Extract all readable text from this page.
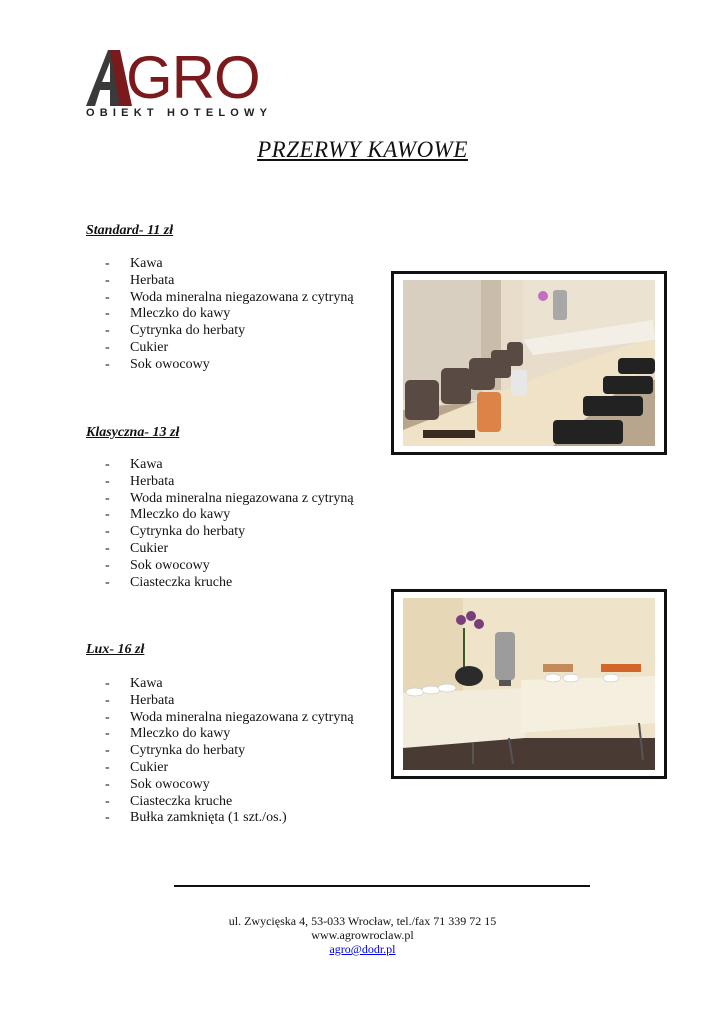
GRO
OBIEKT HOTELOWY
PRZERWY KAWOWE
Standard- 11 zł
- Kawa
- Herbata
- Woda mineralna niegazowana z cytryną
- Mleczko do kawy
- Cytrynka do herbaty
- Cukier
- Sok owocowy
Klasyczna- 13 zł
- Kawa
- Herbata
- Woda mineralna niegazowana z cytryną
- Mleczko do kawy
- Cytrynka do herbaty
- Cukier
- Sok owocowy
- Ciasteczka kruche
Lux- 16 zł
- Kawa
- Herbata
- Woda mineralna niegazowana z cytryną
- Mleczko do kawy
- Cytrynka do herbaty
- Cukier
- Sok owocowy
- Ciasteczka kruche
- Bułka zamknięta (1 szt./os.)
ul. Zwycięska 4, 53-033 Wrocław, tel./fax 71 339 72 15
www.agrowroclaw.pl
agro@dodr.pl
